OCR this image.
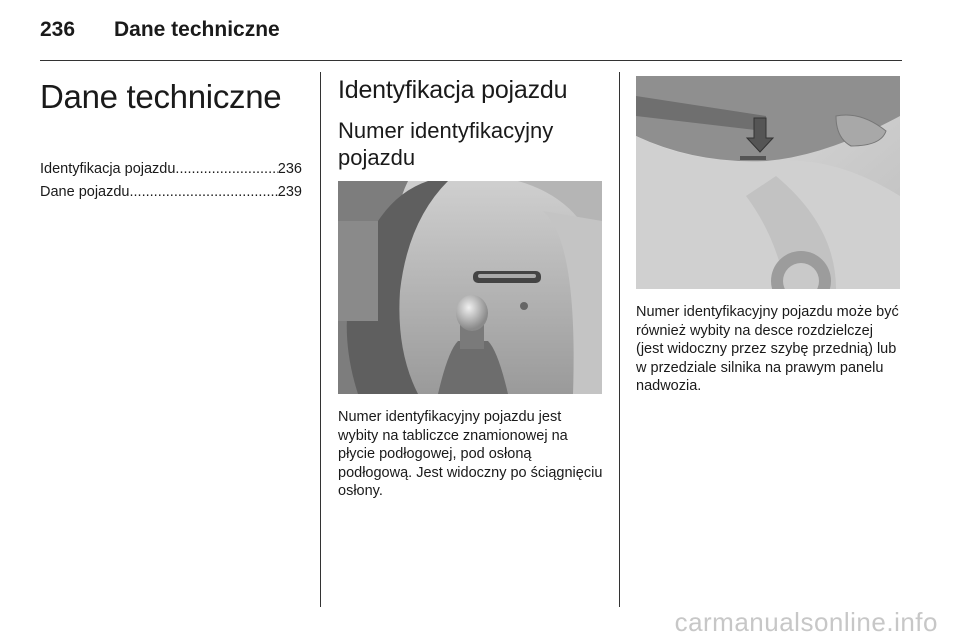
236	Dane techniczne
Dane techniczne
Identyfikacja pojazdu .....	236
Dane pojazdu .....	239
Identyfikacja pojazdu
Numer identyfikacyjny pojazdu
Numer identyfikacyjny pojazdu jest wybity na tabliczce znamionowej na płycie podłogowej, pod osłoną podłogową. Jest widoczny po ściągnięciu osłony.
Numer identyfikacyjny pojazdu może być również wybity na desce rozdzielczej (jest widoczny przez szybę przednią) lub w przedziale silnika na prawym panelu nadwozia.
carmanualsonline.info
